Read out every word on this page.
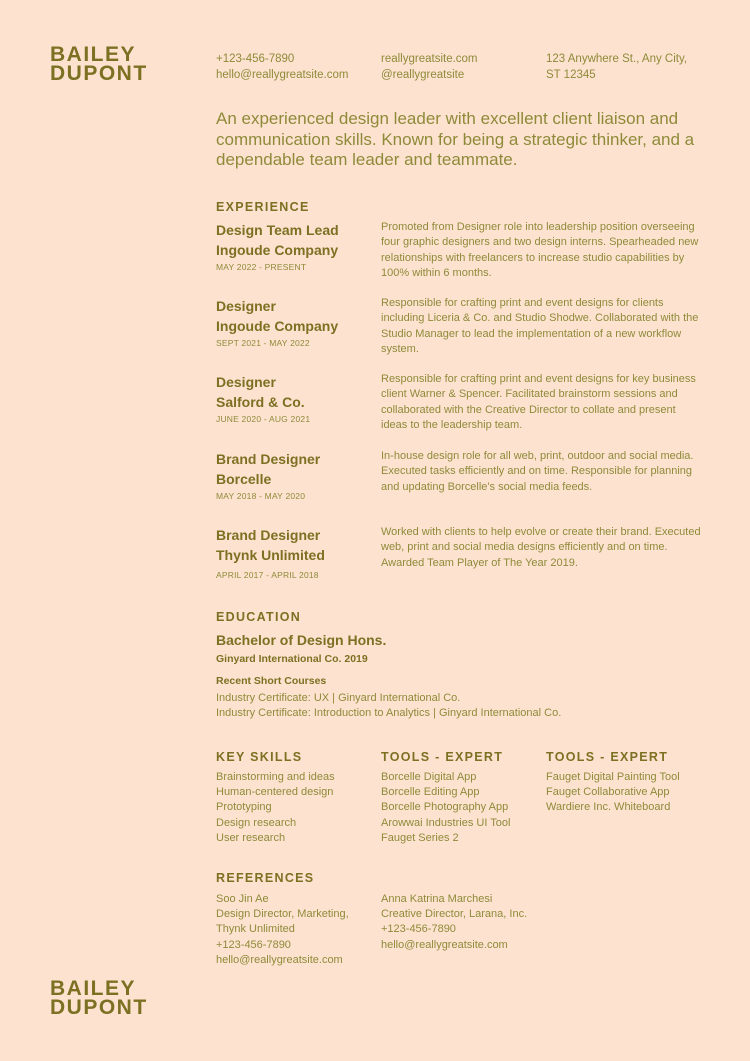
BAILEY
DUPONT
+123-456-7890
hello@reallygreatsite.com
reallygreatsite.com
@reallygreatsite
123 Anywhere St., Any City,
ST 12345
An experienced design leader with excellent client liaison and communication skills. Known for being a strategic thinker, and a dependable team leader and teammate.
EXPERIENCE
Design Team Lead
Ingoude Company
MAY 2022 - PRESENT
Promoted from Designer role into leadership position overseeing four graphic designers and two design interns. Spearheaded new relationships with freelancers to increase studio capabilities by 100% within 6 months.
Designer
Ingoude Company
SEPT 2021 - MAY 2022
Responsible for crafting print and event designs for clients including Liceria & Co. and Studio Shodwe. Collaborated with the Studio Manager to lead the implementation of a new workflow system.
Designer
Salford & Co.
JUNE 2020 - AUG 2021
Responsible for crafting print and event designs for key business client Warner & Spencer. Facilitated brainstorm sessions and collaborated with the Creative Director to collate and present ideas to the leadership team.
Brand Designer
Borcelle
MAY 2018 - MAY 2020
In-house design role for all web, print, outdoor and social media. Executed tasks efficiently and on time. Responsible for planning and updating Borcelle's social media feeds.
Brand Designer
Thynk Unlimited
APRIL 2017 - APRIL 2018
Worked with clients to help evolve or create their brand. Executed web, print and social media designs efficiently and on time. Awarded Team Player of The Year 2019.
EDUCATION
Bachelor of Design Hons.
Ginyard International Co. 2019
Recent Short Courses
Industry Certificate: UX | Ginyard International Co.
Industry Certificate: Introduction to Analytics | Ginyard International Co.
KEY SKILLS
Brainstorming and ideas
Human-centered design
Prototyping
Design research
User research
TOOLS - EXPERT
Borcelle Digital App
Borcelle Editing App
Borcelle Photography App
Arowwai Industries UI Tool
Fauget Series 2
TOOLS - EXPERT
Fauget Digital Painting Tool
Fauget Collaborative App
Wardiere Inc. Whiteboard
REFERENCES
Soo Jin Ae
Design Director, Marketing,
Thynk Unlimited
+123-456-7890
hello@reallygreatsite.com
Anna Katrina Marchesi
Creative Director, Larana, Inc.
+123-456-7890
hello@reallygreatsite.com
BAILEY
DUPONT
